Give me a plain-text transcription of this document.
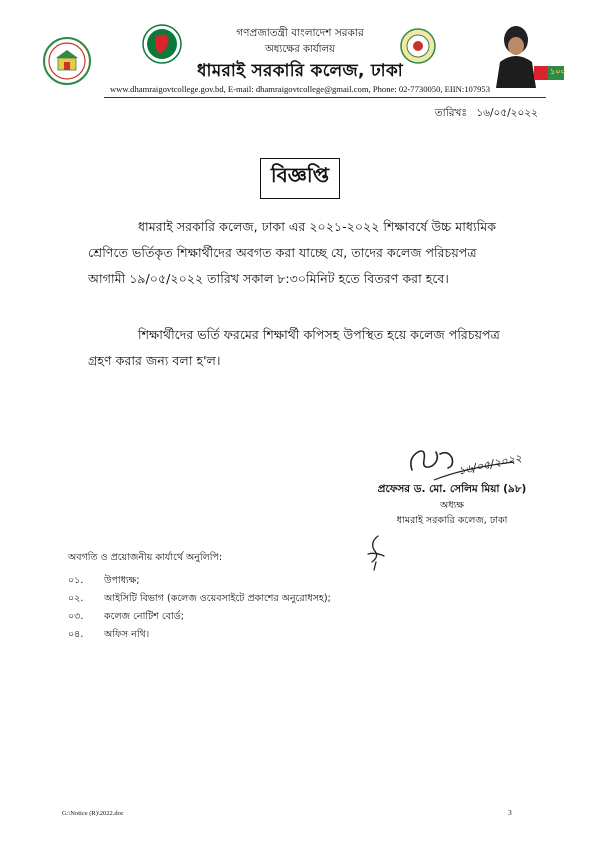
১০০
গণপ্রজাতন্ত্রী বাংলাদেশ সরকার
অধ্যক্ষের কার্যালয়
ধামরাই সরকারি কলেজ, ঢাকা
www.dhamraigovtcollege.gov.bd, E-mail: dhamraigovtcollege@gmail.com, Phone: 02-7730050, EIIN:107953
তারিখঃ ১৬/০৫/২০২২
বিজ্ঞপ্তি
ধামরাই সরকারি কলেজ, ঢাকা এর ২০২১-২০২২ শিক্ষাবর্ষে উচ্চ মাধ্যমিক
শ্রেণিতে ভর্তিকৃত শিক্ষার্থীদের অবগত করা যাচ্ছে যে, তাদের কলেজ পরিচয়পত্র
আগামী ১৯/০৫/২০২২ তারিখ সকাল ৮:৩০মিনিট হতে বিতরণ করা হবে।
শিক্ষার্থীদের ভর্তি ফরমের শিক্ষার্থী কপিসহ উপস্থিত হয়ে কলেজ পরিচয়পত্র
গ্রহণ করার জন্য বলা হ'ল।
১৬/০৫/২০২২
প্রফেসর ড. মো. সেলিম মিয়া (৯৮)
অধ্যক্ষ
ধামরাই সরকারি কলেজ, ঢাকা
অবগতি ও প্রয়োজনীয় কার্যার্থে অনুলিপি:
০১.	উপাধ্যক্ষ;
০২.	আইসিটি বিভাগ (কলেজ ওয়েবসাইটে প্রকাশের অনুরোধসহ);
০৩.	কলেজ নোটিশ বোর্ড;
০৪.	অফিস নথি।
G:\Notice (R)\2022.doc	3
